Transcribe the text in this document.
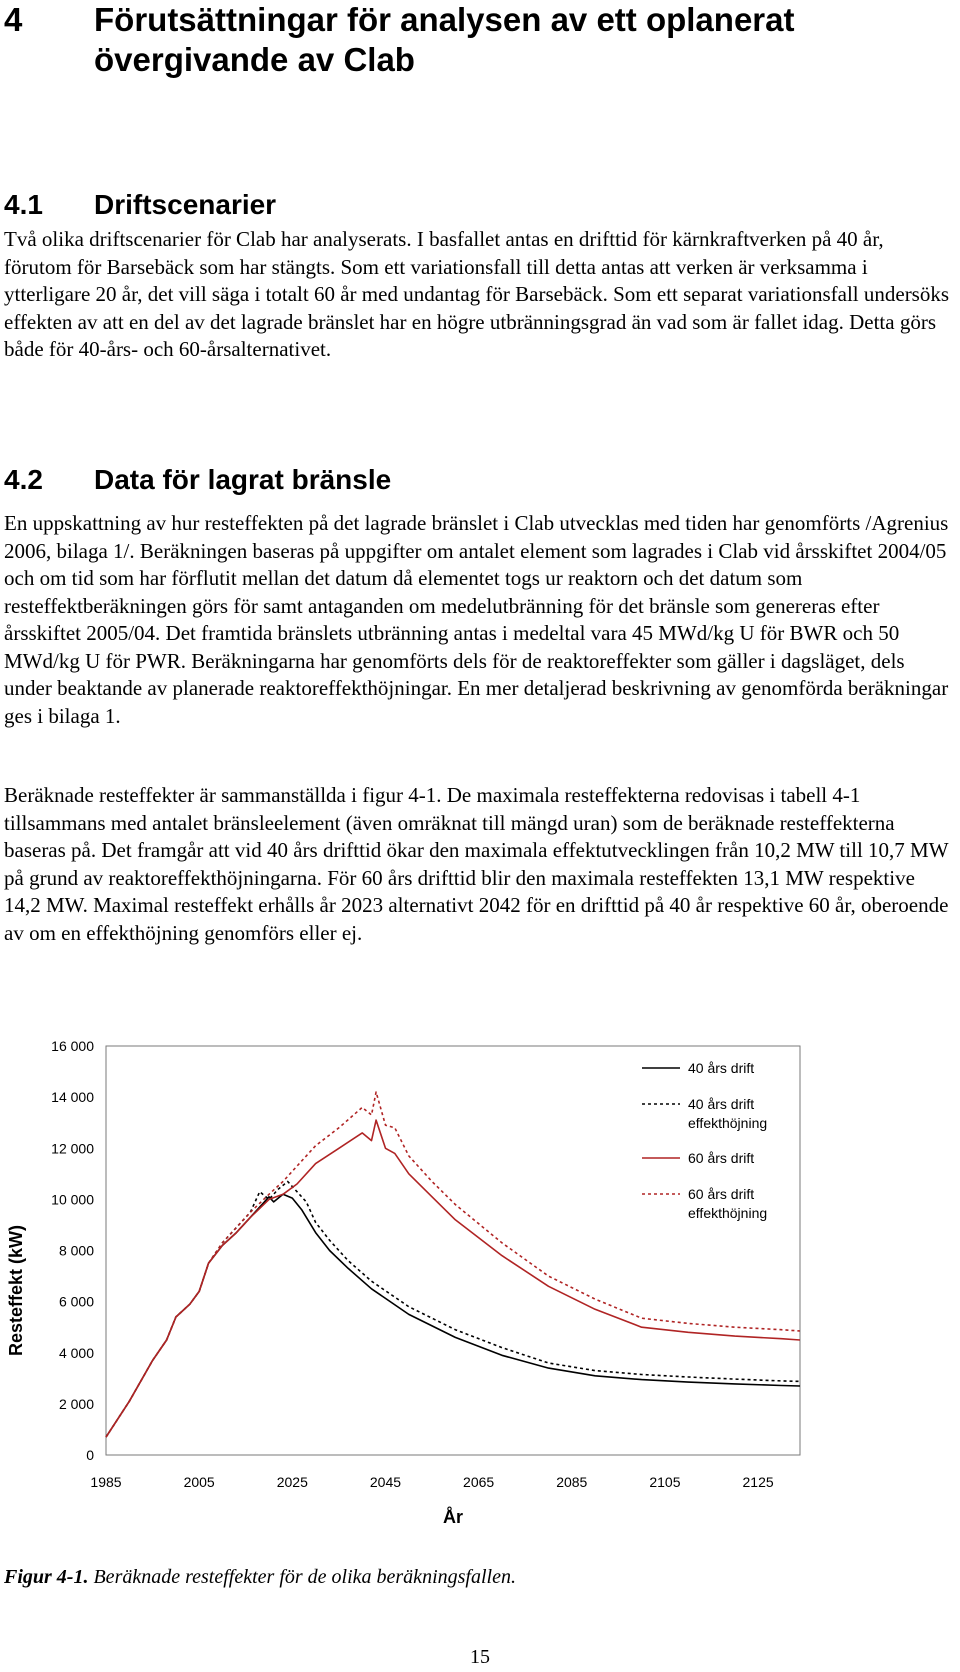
4 Förutsättningar för analysen av ett oplanerat övergivande av Clab
4.1 Driftscenarier

Två olika driftscenarier för Clab har analyserats. I basfallet antas en drifttid för kärnkraftverken på 40 år, förutom för Barsebäck som har stängts. Som ett variationsfall till detta antas att verken är verksamma i ytterligare 20 år, det vill säga i totalt 60 år med undantag för Barsebäck. Som ett separat variationsfall undersöks effekten av att en del av det lagrade bränslet har en högre utbränningsgrad än vad som är fallet idag. Detta görs både för 40-års- och 60-årsalternativet.

4.2 Data för lagrat bränsle

En uppskattning av hur resteffekten på det lagrade bränslet i Clab utvecklas med tiden har genomförts /Agrenius 2006, bilaga 1/. Beräkningen baseras på uppgifter om antalet element som lagrades i Clab vid årsskiftet 2004/05 och om tid som har förflutit mellan det datum då elementet togs ur reaktorn och det datum som resteffektberäkningen görs för samt antaganden om medelutbränning för det bränsle som genereras efter årsskiftet 2005/04. Det framtida bränslets utbränning antas i medeltal vara 45 MWd/kg U för BWR och 50 MWd/kg U för PWR. Beräkningarna har genomförts dels för de reaktoreffekter som gäller i dagsläget, dels under beaktande av planerade reaktoreffekthöjningar. En mer detaljerad beskrivning av genomförda beräkningar ges i bilaga 1.

Beräknade resteffekter är sammanställda i figur 4-1. De maximala resteffekterna redovisas i tabell 4-1 tillsammans med antalet bränsleelement (även omräknat till mängd uran) som de beräknade resteffekterna baseras på. Det framgår att vid 40 års drifttid ökar den maximala effektutvecklingen från 10,2 MW till 10,7 MW på grund av reaktoreffekthöjningarna. För 60 års drifttid blir den maximala resteffekten 13,1 MW respektive 14,2 MW. Maximal resteffekt erhålls år 2023 alternativt 2042 för en drifttid på 40 år respektive 60 år, oberoende av om en effekthöjning genomförs eller ej.

0
2 000
4 000
6 000
8 000
10 000
12 000
14 000
16 000
1985	2005	2025	2045	2065	2085	2105	2125
40 års drift
40 års drift effekthöjning
60 års drift
60 års drift effekthöjning
Resteffekt (kW)
År
Figur 4-1. Beräknade resteffekter för de olika beräkningsfallen.
15
